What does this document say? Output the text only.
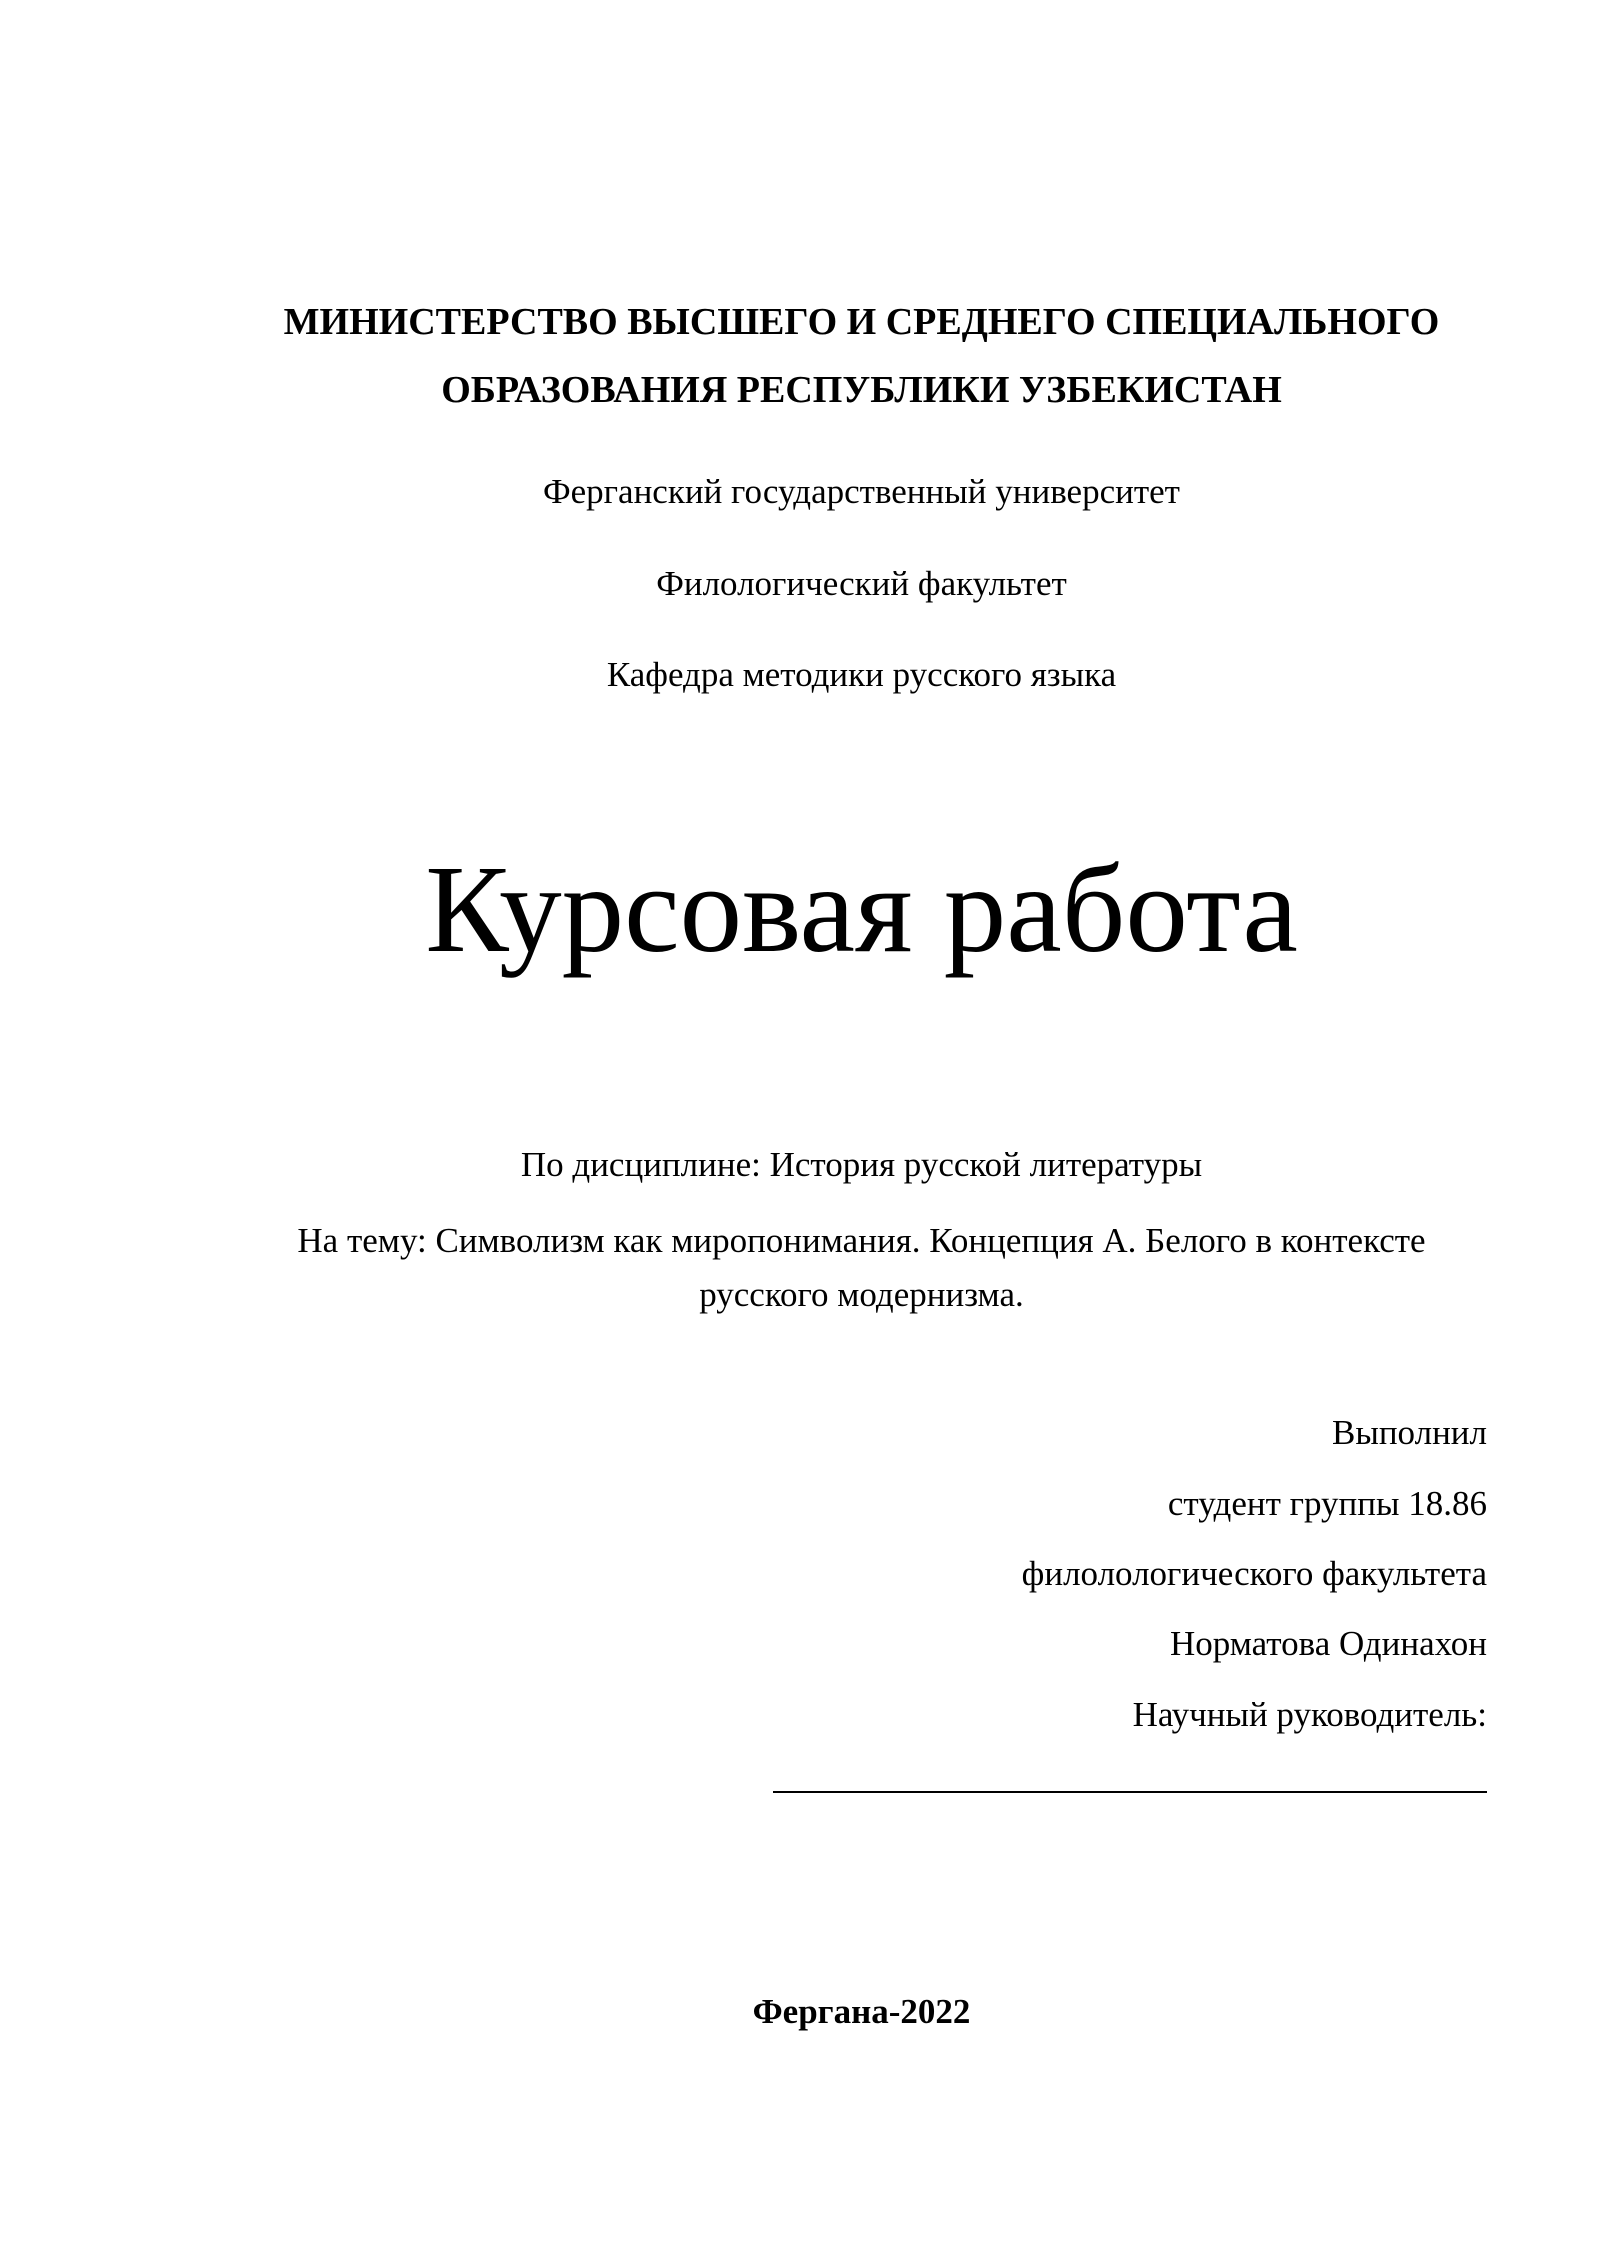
МИНИСТЕРСТВО ВЫСШЕГО И СРЕДНЕГО СПЕЦИАЛЬНОГО
ОБРАЗОВАНИЯ РЕСПУБЛИКИ УЗБЕКИСТАН
Ферганский государственный университет
Филологический факультет
Кафедра методики русского языка
Курсовая работа
По дисциплине: История русской литературы
На тему: Символизм как миропонимания. Концепция А. Белого в контексте
русского модернизма.
Выполнил
студент группы 18.86
филолологического факультета
Норматова Одинахон
Научный руководитель:
Фергана-2022
